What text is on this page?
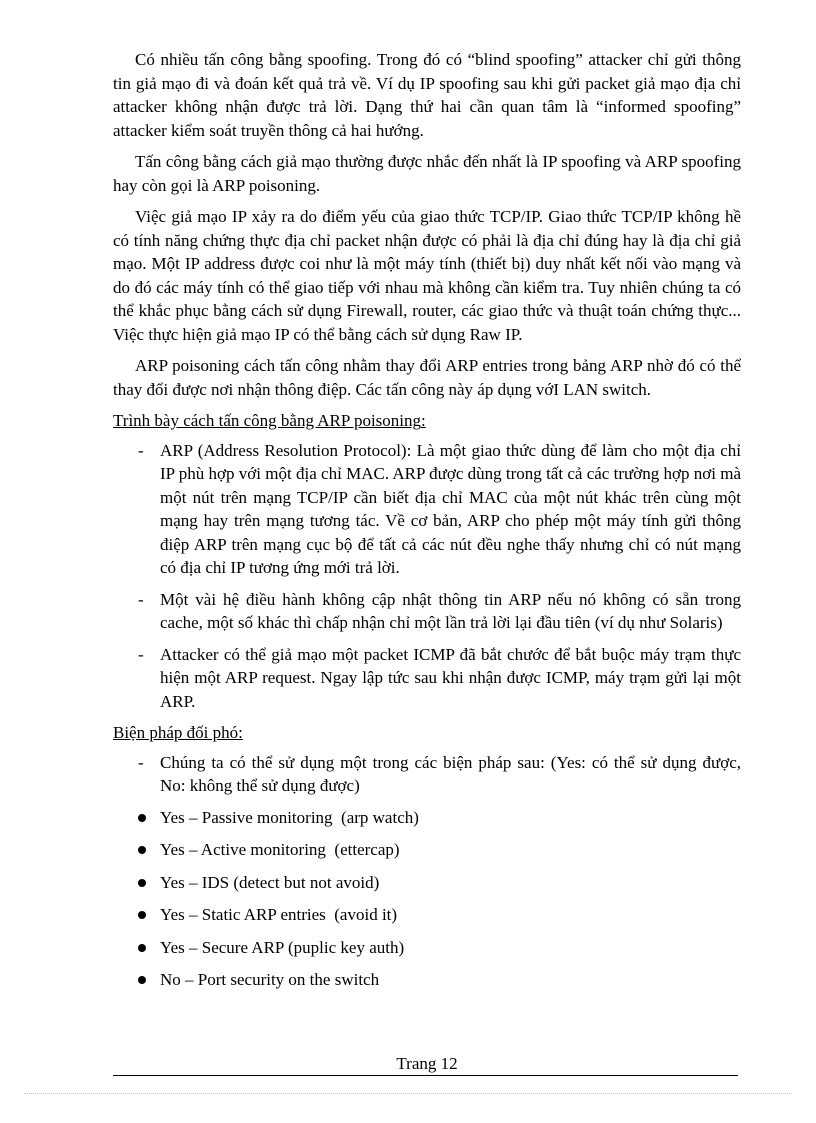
Có nhiều tấn công bằng spoofing. Trong đó có “blind spoofing” attacker chỉ gửi thông tin giả mạo đi và đoán kết quả trả về. Ví dụ IP spoofing sau khi gửi packet giả mạo địa chỉ attacker không nhận được trả lời. Dạng thứ hai cần quan tâm là “informed spoofing” attacker kiểm soát truyền thông cả hai hướng.

Tấn công bằng cách giả mạo thường được nhắc đến nhất là IP spoofing và ARP spoofing hay còn gọi là ARP poisoning.

Việc giả mạo IP xảy ra do điểm yếu của giao thức TCP/IP. Giao thức TCP/IP không hề có tính năng chứng thực địa chỉ packet nhận được có phải là địa chỉ đúng hay là địa chỉ giả mạo. Một IP address được coi như là một máy tính (thiết bị) duy nhất kết nối vào mạng và do đó các máy tính có thể giao tiếp với nhau mà không cần kiểm tra. Tuy nhiên chúng ta có thể khắc phục bằng cách sử dụng Firewall, router, các giao thức và thuật toán chứng thực... Việc thực hiện giả mạo IP có thể bằng cách sử dụng Raw IP.

ARP poisoning cách tấn công nhằm thay đổi ARP entries trong bảng ARP nhờ đó có thể thay đổi được nơi nhận thông điệp. Các tấn công này áp dụng vớI LAN switch.

Trình bày cách tấn công bằng ARP poisoning:
- ARP (Address Resolution Protocol): Là một giao thức dùng để làm cho một địa chỉ IP phù hợp với một địa chỉ MAC. ARP được dùng trong tất cả các trường hợp nơi mà một nút trên mạng TCP/IP cần biết địa chỉ MAC của một nút khác trên cùng một mạng hay trên mạng tương tác. Về cơ bản, ARP cho phép một máy tính gửi thông điệp ARP trên mạng cục bộ để tất cả các nút đều nghe thấy nhưng chỉ có nút mạng có địa chỉ IP tương ứng mới trả lời.
- Một vài hệ điều hành không cập nhật thông tin ARP nếu nó không có sẵn trong cache, một số khác thì chấp nhận chỉ một lần trả lời lại đầu tiên (ví dụ như Solaris)
- Attacker có thể giả mạo một packet ICMP đã bắt chước để bắt buộc máy trạm thực hiện một ARP request. Ngay lập tức sau khi nhận được ICMP, máy trạm gửi lại một ARP.
Biện pháp đối phó:
- Chúng ta có thể sử dụng một trong các biện pháp sau: (Yes: có thể sử dụng được, No: không thể sử dụng được)
Yes – Passive monitoring  (arp watch)
Yes – Active monitoring  (ettercap)
Yes – IDS (detect but not avoid)
Yes – Static ARP entries  (avoid it)
Yes – Secure ARP (puplic key auth)
No – Port security on the switch
Trang 12
